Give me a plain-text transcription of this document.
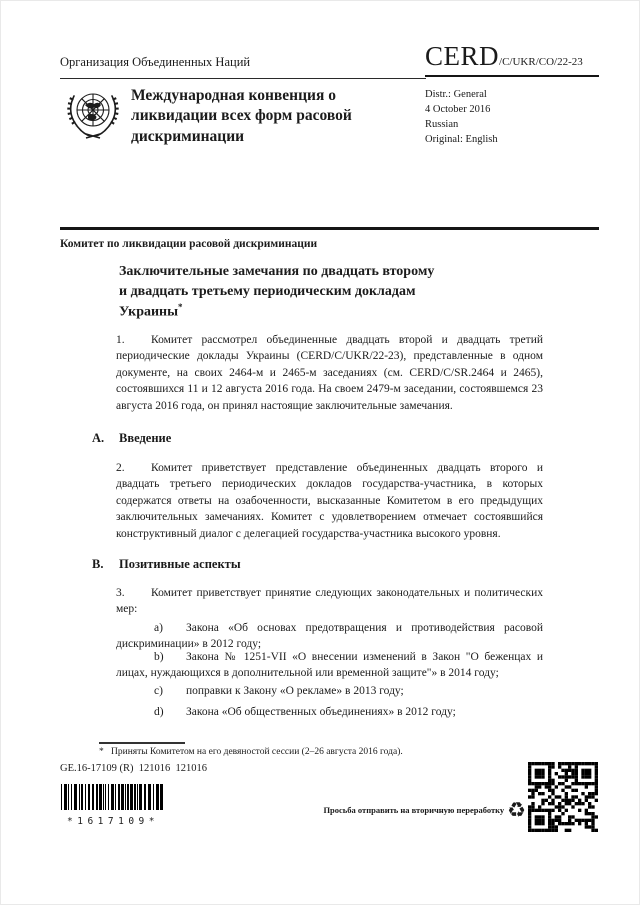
Организация Объединенных Наций	CERD/C/UKR/CO/22-23
Международная конвенция о ликвидации всех форм расовой дискриминации
Distr.: General
4 October 2016
Russian
Original: English
Комитет по ликвидации расовой дискриминации
Заключительные замечания по двадцать второму
и двадцать третьему периодическим докладам
Украины*
1. Комитет рассмотрел объединенные двадцать второй и двадцать третий периодические доклады Украины (CERD/C/UKR/22-23), представленные в одном документе, на своих 2464-м и 2465-м заседаниях (см. CERD/C/SR.2464 и 2465), состоявшихся 11 и 12 августа 2016 года. На своем 2479-м заседании, состоявшемся 23 августа 2016 года, он принял настоящие заключительные замечания.
A. Введение
2. Комитет приветствует представление объединенных двадцать второго и двадцать третьего периодических докладов государства-участника, в которых содержатся ответы на озабоченности, высказанные Комитетом в его предыдущих заключительных замечаниях. Комитет с удовлетворением отмечает состоявшийся конструктивный диалог с делегацией государства-участника высокого уровня.
B. Позитивные аспекты
3. Комитет приветствует принятие следующих законодательных и политических мер:
a) Закона «Об основах предотвращения и противодействия расовой дискриминации» в 2012 году;
b) Закона № 1251-VII «О внесении изменений в Закон "О беженцах и лицах, нуждающихся в дополнительной или временной защите"» в 2014 году;
c) поправки к Закону «О рекламе» в 2013 году;
d) Закона «Об общественных объединениях» в 2012 году;
* Приняты Комитетом на его девяностой сессии (2–26 августа 2016 года).
GE.16-17109 (R)  121016  121016
*1617109*
Просьба отправить на вторичную переработку ♻
